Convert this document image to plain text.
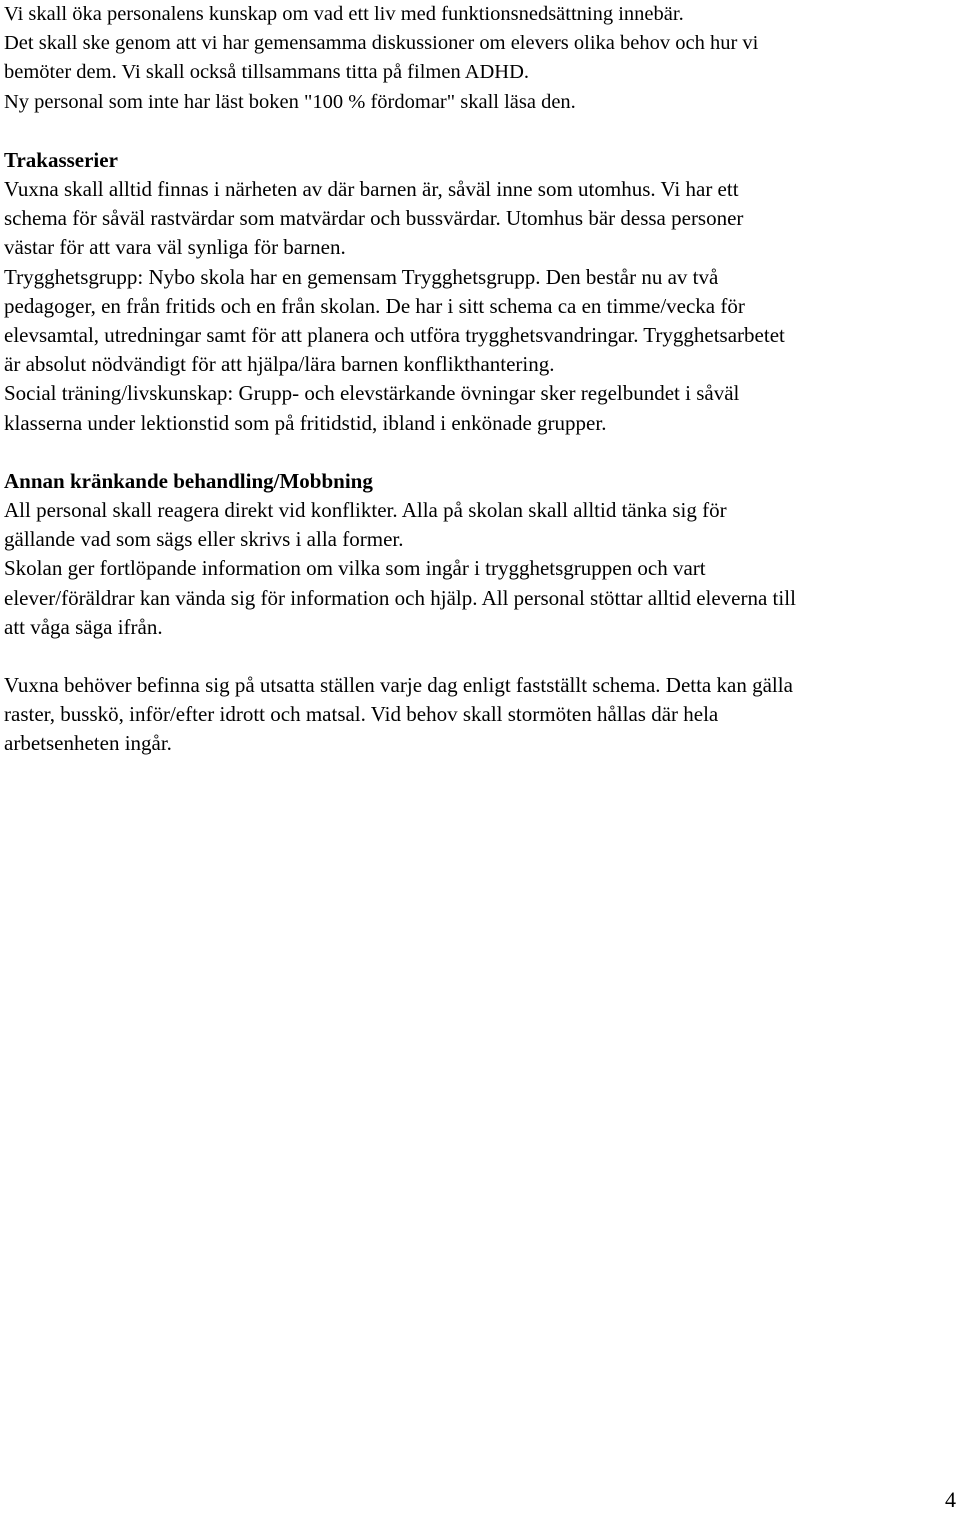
Vi skall öka personalens kunskap om vad ett liv med funktionsnedsättning innebär.
Det skall ske genom att vi har gemensamma diskussioner om elevers olika behov och hur vi
bemöter dem. Vi skall också tillsammans titta på filmen ADHD.
Ny personal som inte har läst boken "100 % fördomar" skall läsa den.
Trakasserier
Vuxna skall alltid finnas i närheten av där barnen är, såväl inne som utomhus. Vi har ett
schema för såväl rastvärdar som matvärdar och bussvärdar. Utomhus bär dessa personer
västar för att vara väl synliga för barnen.
Trygghetsgrupp: Nybo skola har en gemensam Trygghetsgrupp. Den består nu av två
pedagoger, en från fritids och en från skolan. De har i sitt schema ca en timme/vecka för
elevsamtal, utredningar samt för att planera och utföra trygghetsvandringar. Trygghetsarbetet
är absolut nödvändigt för att hjälpa/lära barnen konflikthantering.
Social träning/livskunskap: Grupp- och elevstärkande övningar sker regelbundet i såväl
klasserna under lektionstid som på fritidstid, ibland i enkönade grupper.
Annan kränkande behandling/Mobbning
All personal skall reagera direkt vid konflikter. Alla på skolan skall alltid tänka sig för
gällande vad som sägs eller skrivs i alla former.
Skolan ger fortlöpande information om vilka som ingår i trygghetsgruppen och vart
elever/föräldrar kan vända sig för information och hjälp. All personal stöttar alltid eleverna till
att våga säga ifrån.
Vuxna behöver befinna sig på utsatta ställen varje dag enligt fastställt schema. Detta kan gälla
raster, busskö, inför/efter idrott och matsal. Vid behov skall stormöten hållas där hela
arbetsenheten ingår.
4
